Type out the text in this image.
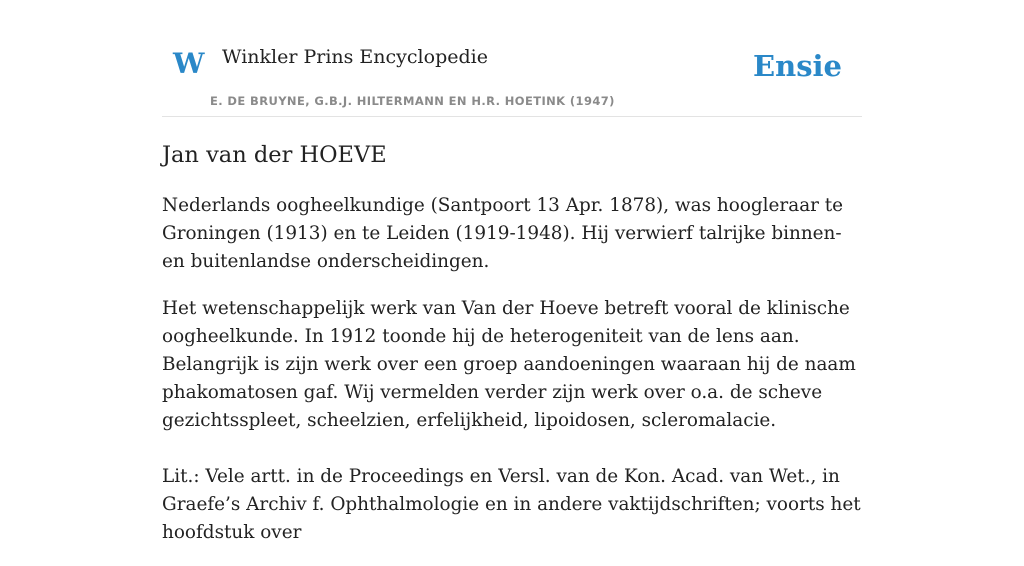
W Winkler Prins Encyclopedie
E. DE BRUYNE, G.B.J. HILTERMANN EN H.R. HOETINK (1947)
Ensie
Jan van der HOEVE

Nederlands oogheelkundige (Santpoort 13 Apr. 1878), was hoogleraar te Groningen (1913) en te Leiden (1919-1948). Hij verwierf talrijke binnen- en buitenlandse onderscheidingen.

Het wetenschappelijk werk van Van der Hoeve betreft vooral de klinische oogheelkunde. In 1912 toonde hij de heterogeniteit van de lens aan. Belangrijk is zijn werk over een groep aandoeningen waaraan hij de naam phakomatosen gaf. Wij vermelden verder zijn werk over o.a. de scheve gezichtsspleet, scheelzien, erfelijkheid, lipoidosen, scleromalacie.

Lit.: Vele artt. in de Proceedings en Versl. van de Kon. Acad. van Wet., in Graefe’s Archiv f. Ophthalmologie en in andere vaktijdschriften; voorts het hoofdstuk over
